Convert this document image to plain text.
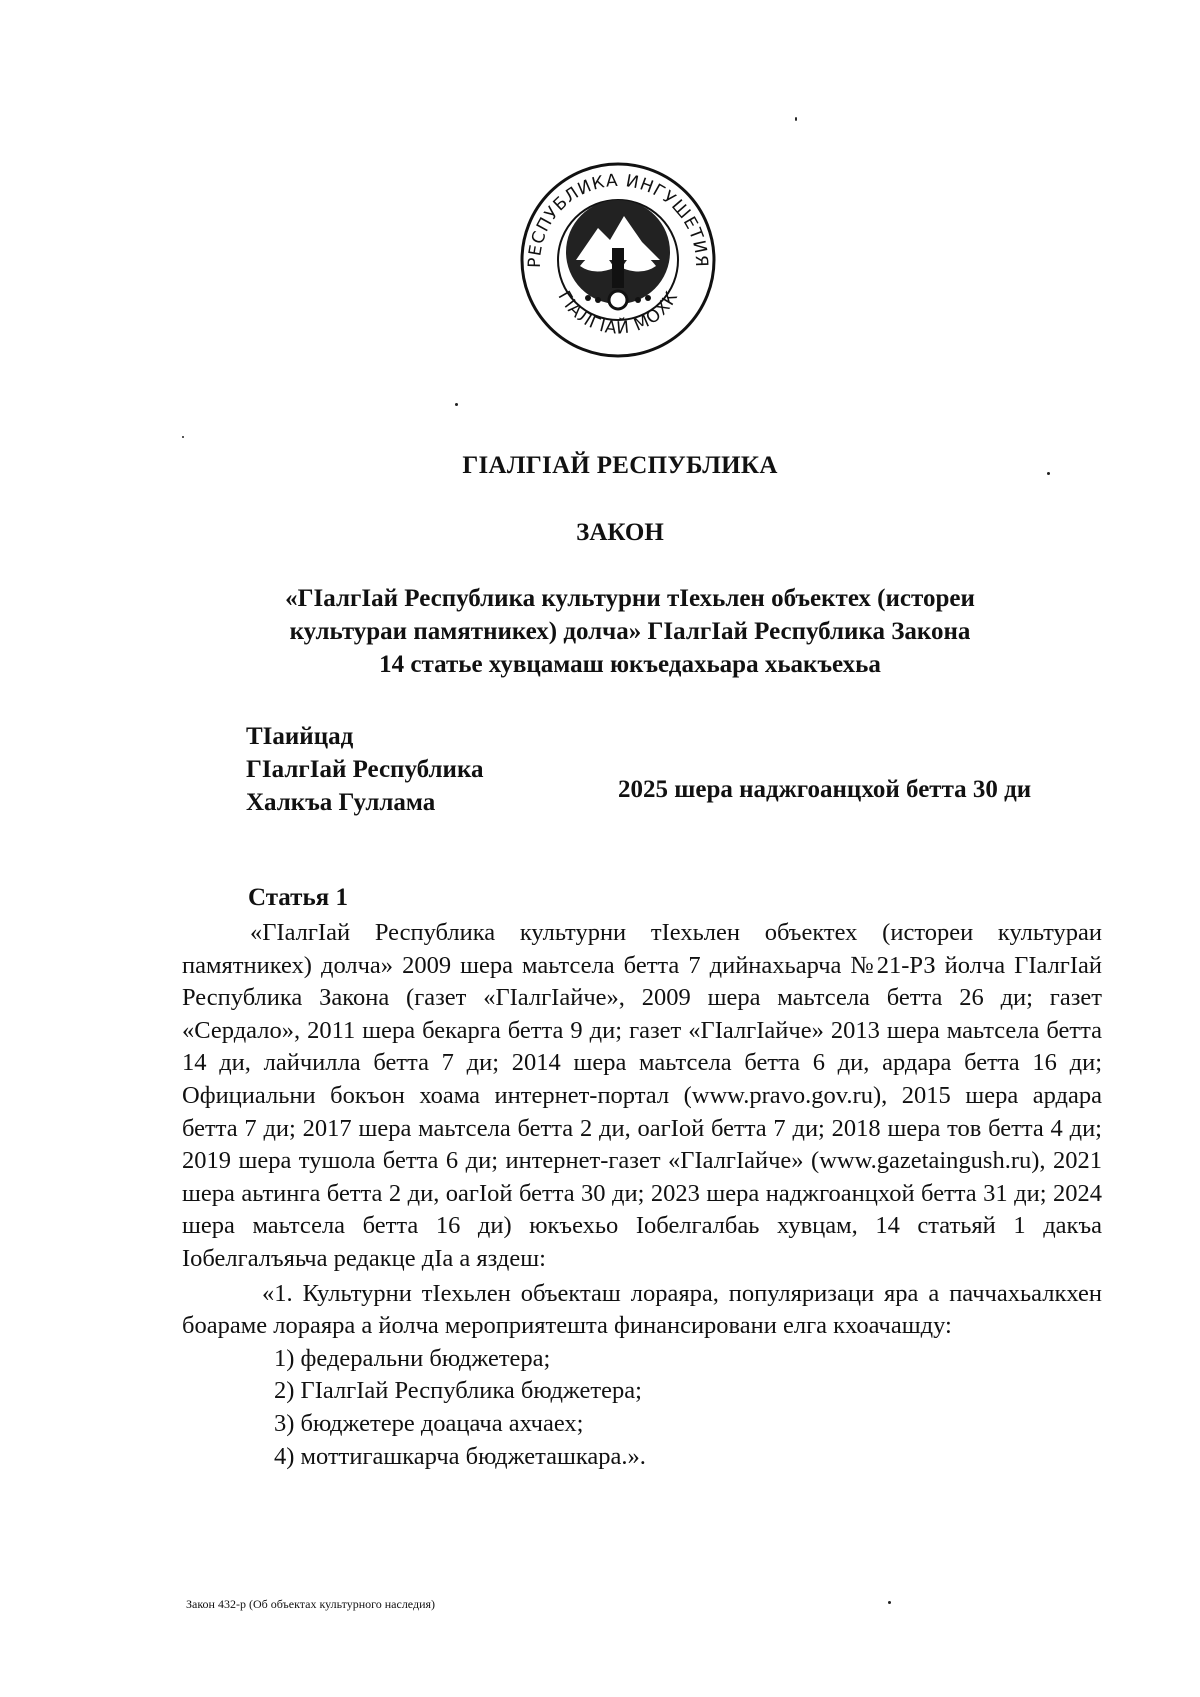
РЕСПУБЛИКА ИНГУШЕТИЯ
ГIАЛГIАЙ МОХК
ГIАЛГIАЙ РЕСПУБЛИКА
ЗАКОН
«ГIалгIай Республика культурни тIехьлен объектех (истореи
культураи памятникех) долча» ГIалгIай Республика Закона
14 статье хувцамаш юкъедахьара хьакъехьа
ТIаийцад
ГIалгIай Республика
Халкъа Гуллама	2025 шера наджгоанцхой бетта 30 ди
Статья 1

«ГIалгIай Республика культурни тIехьлен объектех (истореи культураи памятникех) долча» 2009 шера маьтсела бетта 7 дийнахьарча №21-РЗ йолча ГIалгIай Республика Закона (газет «ГIалгIайче», 2009 шера маьтсела бетта 26 ди; газет «Сердало», 2011 шера бекарга бетта 9 ди; газет «ГIалгIайче» 2013 шера маьтсела бетта 14 ди, лайчилла бетта 7 ди; 2014 шера маьтсела бетта 6 ди, ардара бетта 16 ди; Официальни бокъон хоама интернет-портал (www.pravo.gov.ru), 2015 шера ардара бетта 7 ди; 2017 шера маьтсела бетта 2 ди, оагIой бетта 7 ди; 2018 шера тов бетта 4 ди; 2019 шера тушола бетта 6 ди; интернет-газет «ГIалгIайче» (www.gazetaingush.ru), 2021 шера аьтинга бетта 2 ди, оагIой бетта 30 ди; 2023 шера наджгоанцхой бетта 31 ди; 2024 шера маьтсела бетта 16 ди) юкъехьо Iобелгалбаь хувцам, 14 статьяй 1 дакъа Iобелгалъяьча редакце дIа а яздеш:

«1. Культурни тIехьлен объекташ лораяра, популяризаци яра а паччахьалкхен боараме лораяра а йолча мероприятешта финансировани елга кхоачашду:

1) федеральни бюджетера;
2) ГIалгIай Республика бюджетера;
3) бюджетере доацача ахчаех;
4) моттигашкарча бюджеташкара.».
Закон 432-р (Об объектах культурного наследия)
